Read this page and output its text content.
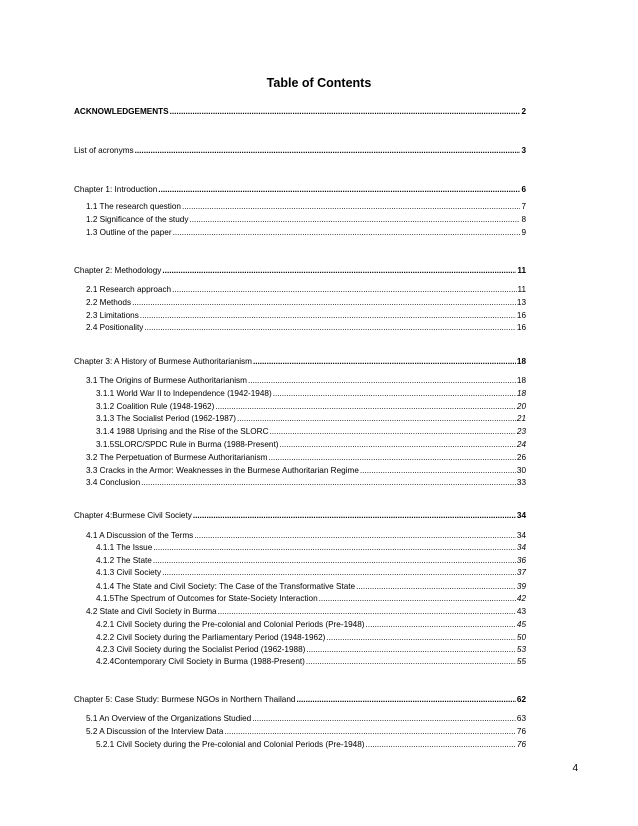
Table of Contents
ACKNOWLEDGEMENTS .....	2
List of acronyms .....	3
Chapter 1: Introduction .....	6
1.1 The research question .....	7
1.2 Significance of the study .....	8
1.3 Outline of the paper .....	9
Chapter 2: Methodology .....	11
2.1 Research approach .....	11
2.2 Methods .....	13
2.3 Limitations .....	16
2.4 Positionality .....	16
Chapter 3: A History of Burmese Authoritarianism .....	18
3.1 The Origins of Burmese Authoritarianism .....	18
3.1.1 World War II to Independence (1942-1948) .....	18
3.1.2 Coalition Rule (1948-1962) .....	20
3.1.3 The Socialist Period (1962-1987) .....	21
3.1.4 1988 Uprising and the Rise of the SLORC .....	23
3.1.5SLORC/SPDC Rule in Burma (1988-Present) .....	24
3.2 The Perpetuation of Burmese Authoritarianism .....	26
3.3 Cracks in the Armor: Weaknesses in the Burmese Authoritarian Regime .....	30
3.4 Conclusion .....	33
Chapter 4:Burmese Civil Society .....	34
4.1 A Discussion of the Terms .....	34
4.1.1 The Issue .....	34
4.1.2 The State .....	36
4.1.3 Civil Society .....	37
4.1.4 The State and Civil Society: The Case of the Transformative State .....	39
4.1.5The Spectrum of Outcomes for State-Society Interaction .....	42
4.2 State and Civil Society in Burma .....	43
4.2.1 Civil Society during the Pre-colonial and Colonial Periods (Pre-1948) .....	45
4.2.2 Civil Society during the Parliamentary Period (1948-1962) .....	50
4.2.3 Civil Society during the Socialist Period (1962-1988) .....	53
4.2.4Contemporary Civil Society in Burma (1988-Present) .....	55
Chapter 5: Case Study: Burmese NGOs in Northern Thailand .....	62
5.1 An Overview of the Organizations Studied .....	63
5.2 A Discussion of the Interview Data .....	76
5.2.1 Civil Society during the Pre-colonial and Colonial Periods (Pre-1948) .....	76
4
